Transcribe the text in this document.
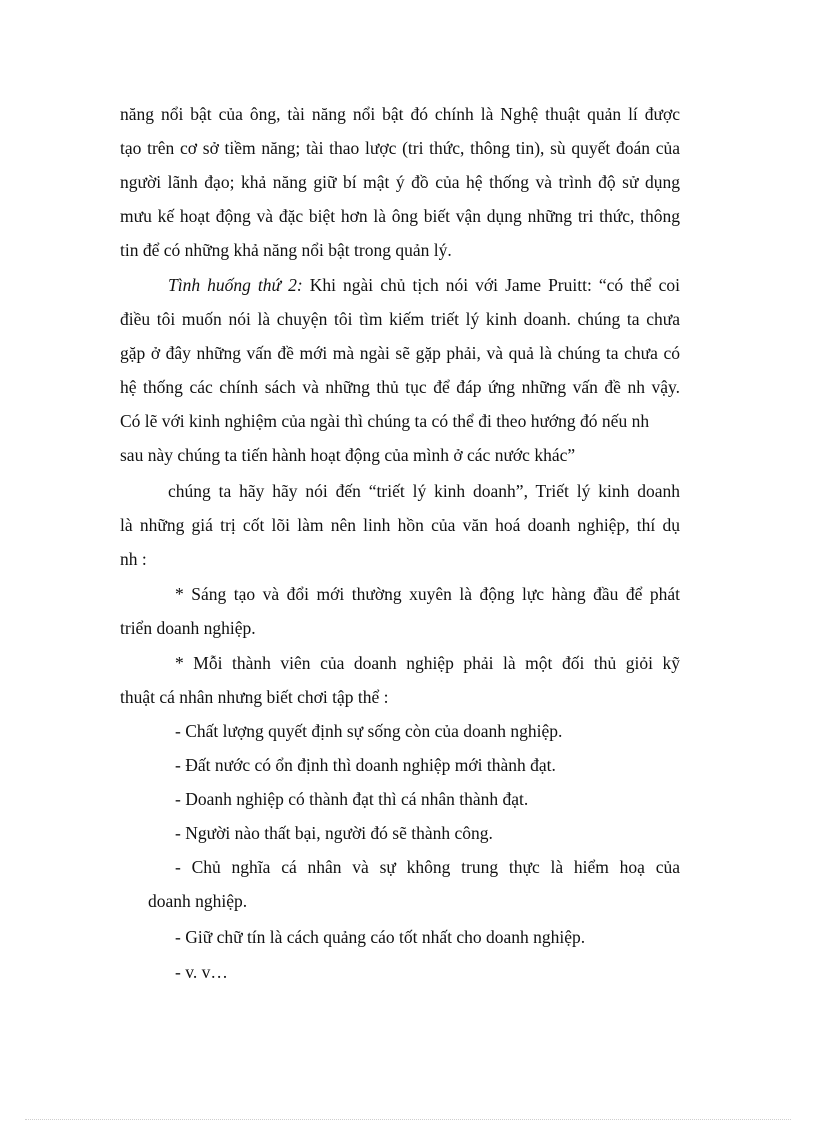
năng nổi bật của ông, tài năng nổi bật đó chính là Nghệ thuật quản lí được
tạo trên cơ sở tiềm năng; tài thao lược (tri thức, thông tin), sù quyết đoán của
người lãnh đạo; khả năng giữ bí mật ý đồ của hệ thống và trình độ sử dụng
mưu kế hoạt động và đặc biệt hơn là ông biết vận dụng những tri thức, thông
tin để có những khả năng nổi bật trong quản lý.
Tình huống thứ 2: Khi ngài chủ tịch nói với Jame Pruitt: “có thể coi
điều tôi muốn nói là chuyện tôi tìm kiếm triết lý kinh doanh. chúng ta chưa
gặp ở đây những vấn đề mới mà ngài sẽ gặp phải, và quả là chúng ta chưa có
hệ thống các chính sách và những thủ tục để đáp ứng những vấn đề nh vậy.
Có lẽ với kinh nghiệm của ngài thì chúng ta có thể đi theo hướng đó nếu nh
sau này chúng ta tiến hành hoạt động của mình ở các nước khác”
chúng ta hãy hãy nói đến “triết lý kinh doanh”, Triết lý kinh doanh
là những giá trị cốt lõi làm nên linh hồn của văn hoá doanh nghiệp, thí dụ
nh :
* Sáng tạo và đổi mới thường xuyên là động lực hàng đầu để phát
triển doanh nghiệp.
* Mỗi thành viên của doanh nghiệp phải là một đối thủ giỏi kỹ
thuật cá nhân nhưng biết chơi tập thể :
- Chất lượng quyết định sự sống còn của doanh nghiệp.
- Đất nước có ổn định thì doanh nghiệp mới thành đạt.
- Doanh nghiệp có thành đạt thì cá nhân thành đạt.
- Người nào thất bại, người đó sẽ thành công.
- Chủ nghĩa cá nhân và sự không trung thực là hiểm hoạ của
doanh nghiệp.
- Giữ chữ tín là cách quảng cáo tốt nhất cho doanh nghiệp.
- v. v…
